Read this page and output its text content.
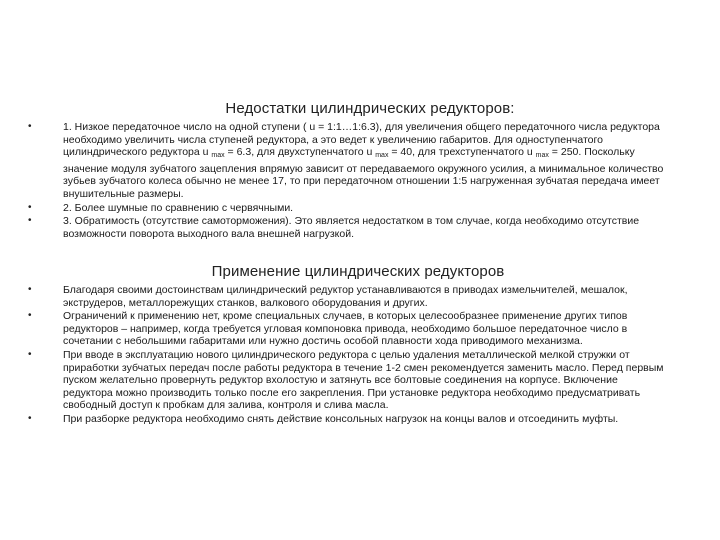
Недостатки цилиндрических редукторов:
•	1. Низкое передаточное число на одной ступени ( u = 1:1…1:6.3), для увеличения общего передаточного числа редуктора необходимо увеличить числа ступеней редуктора, а это ведет к увеличению габаритов. Для одноступенчатого цилиндрического редуктора u $_{max}$ = 6.3, для двухступенчатого u $_{max}$ = 40, для трехступенчатого u $_{max}$ = 250. Поскольку значение модуля зубчатого зацепления впрямую зависит от передаваемого окружного усилия, а минимальное количество зубьев зубчатого колеса обычно не менее 17, то при передаточном отношении 1:5 нагруженная зубчатая передача имеет внушительные размеры.
•	2. Более шумные по сравнению с червячными.
•	3. Обратимость (отсутствие самоторможения). Это является недостатком в том случае, когда необходимо отсутствие возможности поворота выходного вала внешней нагрузкой.
Применение цилиндрических редукторов
•	Благодаря своими достоинствам цилиндрический редуктор устанавливаются в приводах измельчителей, мешалок, экструдеров, металлорежущих станков, валкового оборудования и других.
•	Ограничений к применению нет, кроме специальных случаев, в которых целесообразнее применение других типов редукторов – например, когда требуется угловая компоновка привода, необходимо большое передаточное число в сочетании с небольшими габаритами или нужно достичь особой плавности хода приводимого механизма.
•	При вводе в эксплуатацию нового цилиндрического редуктора с целью удаления металлической мелкой стружки от приработки зубчатых передач после работы редуктора в течение 1-2 смен рекомендуется заменить масло. Перед первым пуском желательно провернуть редуктор вхолостую и затянуть все болтовые соединения на корпусе. Включение редуктора можно производить только после его закрепления. При установке редуктора необходимо предусматривать свободный доступ к пробкам для залива, контроля и слива масла.
•	При разборке редуктора необходимо снять действие консольных нагрузок на концы валов и отсоединить муфты.
